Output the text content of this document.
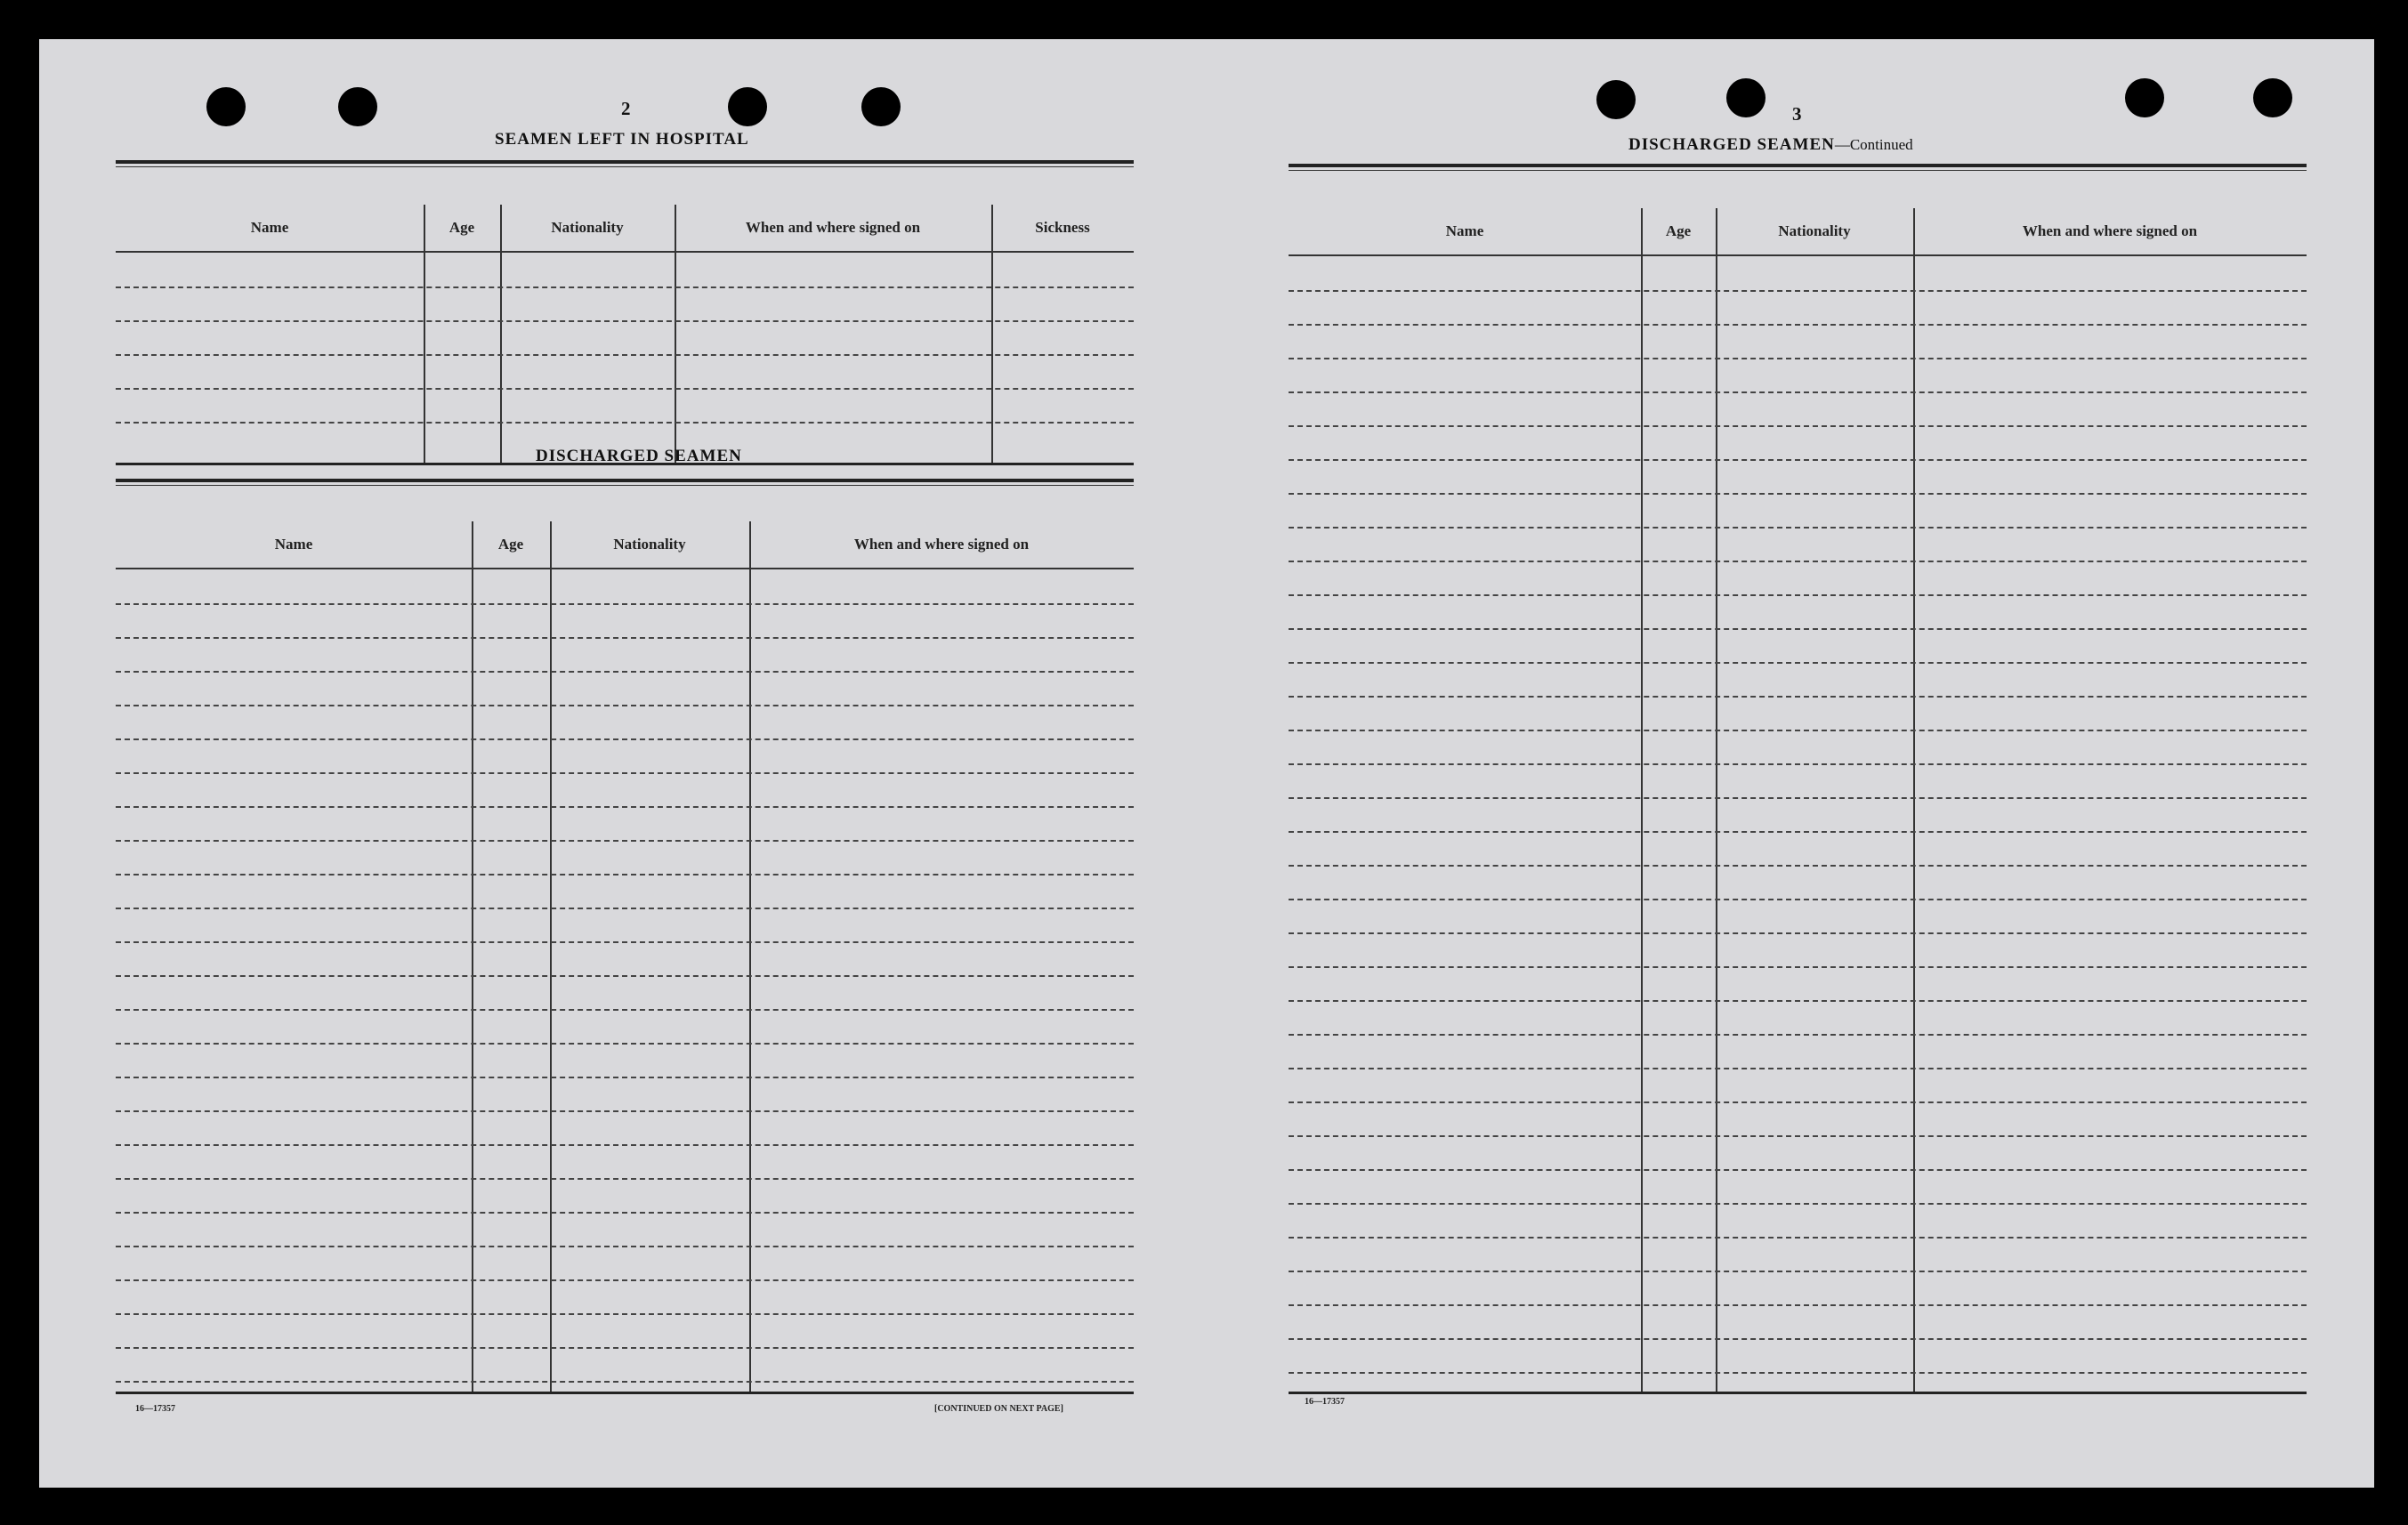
2
SEAMEN LEFT IN HOSPITAL
Name	Age	Nationality	When and where signed on	Sickness
DISCHARGED SEAMEN
Name	Age	Nationality	When and where signed on
16—17357	[CONTINUED ON NEXT PAGE]
3
DISCHARGED SEAMEN—Continued
Name	Age	Nationality	When and where signed on
16—17357
